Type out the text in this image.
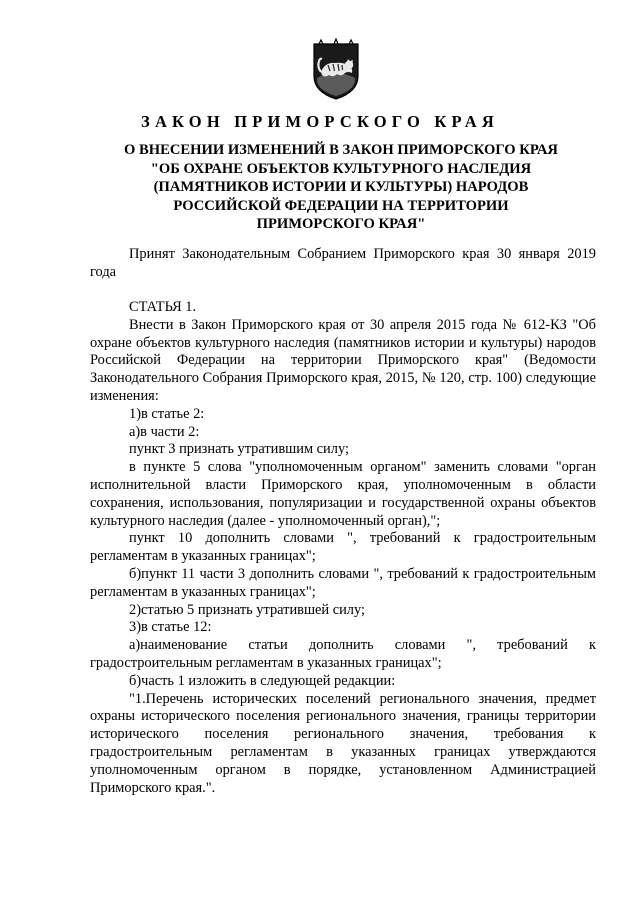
ЗАКОН ПРИМОРСКОГО КРАЯ
О ВНЕСЕНИИ ИЗМЕНЕНИЙ В ЗАКОН ПРИМОРСКОГО КРАЯ
"ОБ ОХРАНЕ ОБЪЕКТОВ КУЛЬТУРНОГО НАСЛЕДИЯ
(ПАМЯТНИКОВ ИСТОРИИ И КУЛЬТУРЫ) НАРОДОВ
РОССИЙСКОЙ ФЕДЕРАЦИИ НА ТЕРРИТОРИИ
ПРИМОРСКОГО КРАЯ"

Принят Законодательным Собранием Приморского края 30 января 2019 года

СТАТЬЯ 1.

Внести в Закон Приморского края от 30 апреля 2015 года № 612-КЗ "Об охране объектов культурного наследия (памятников истории и культуры) народов Российской Федерации на территории Приморского края" (Ведомости Законодательного Собрания Приморского края, 2015, № 120, стр. 100) следующие изменения:

1)в статье 2:

а)в части 2:

пункт 3 признать утратившим силу;

в пункте 5 слова "уполномоченным органом" заменить словами "орган исполнительной власти Приморского края, уполномоченным в области сохранения, использования, популяризации и государственной охраны объектов культурного наследия (далее - уполномоченный орган),";

пункт 10 дополнить словами ", требований к градостроительным регламентам в указанных границах";

б)пункт 11 части 3 дополнить словами ", требований к градостроительным регламентам в указанных границах";

2)статью 5 признать утратившей силу;

3)в статье 12:

а)наименование статьи дополнить словами ", требований к градостроительным регламентам в указанных границах";

б)часть 1 изложить в следующей редакции:

"1.Перечень исторических поселений регионального значения, предмет охраны исторического поселения регионального значения, границы территории исторического поселения регионального значения, требования к градостроительным регламентам в указанных границах утверждаются уполномоченным органом в порядке, установленном Администрацией Приморского края.".
